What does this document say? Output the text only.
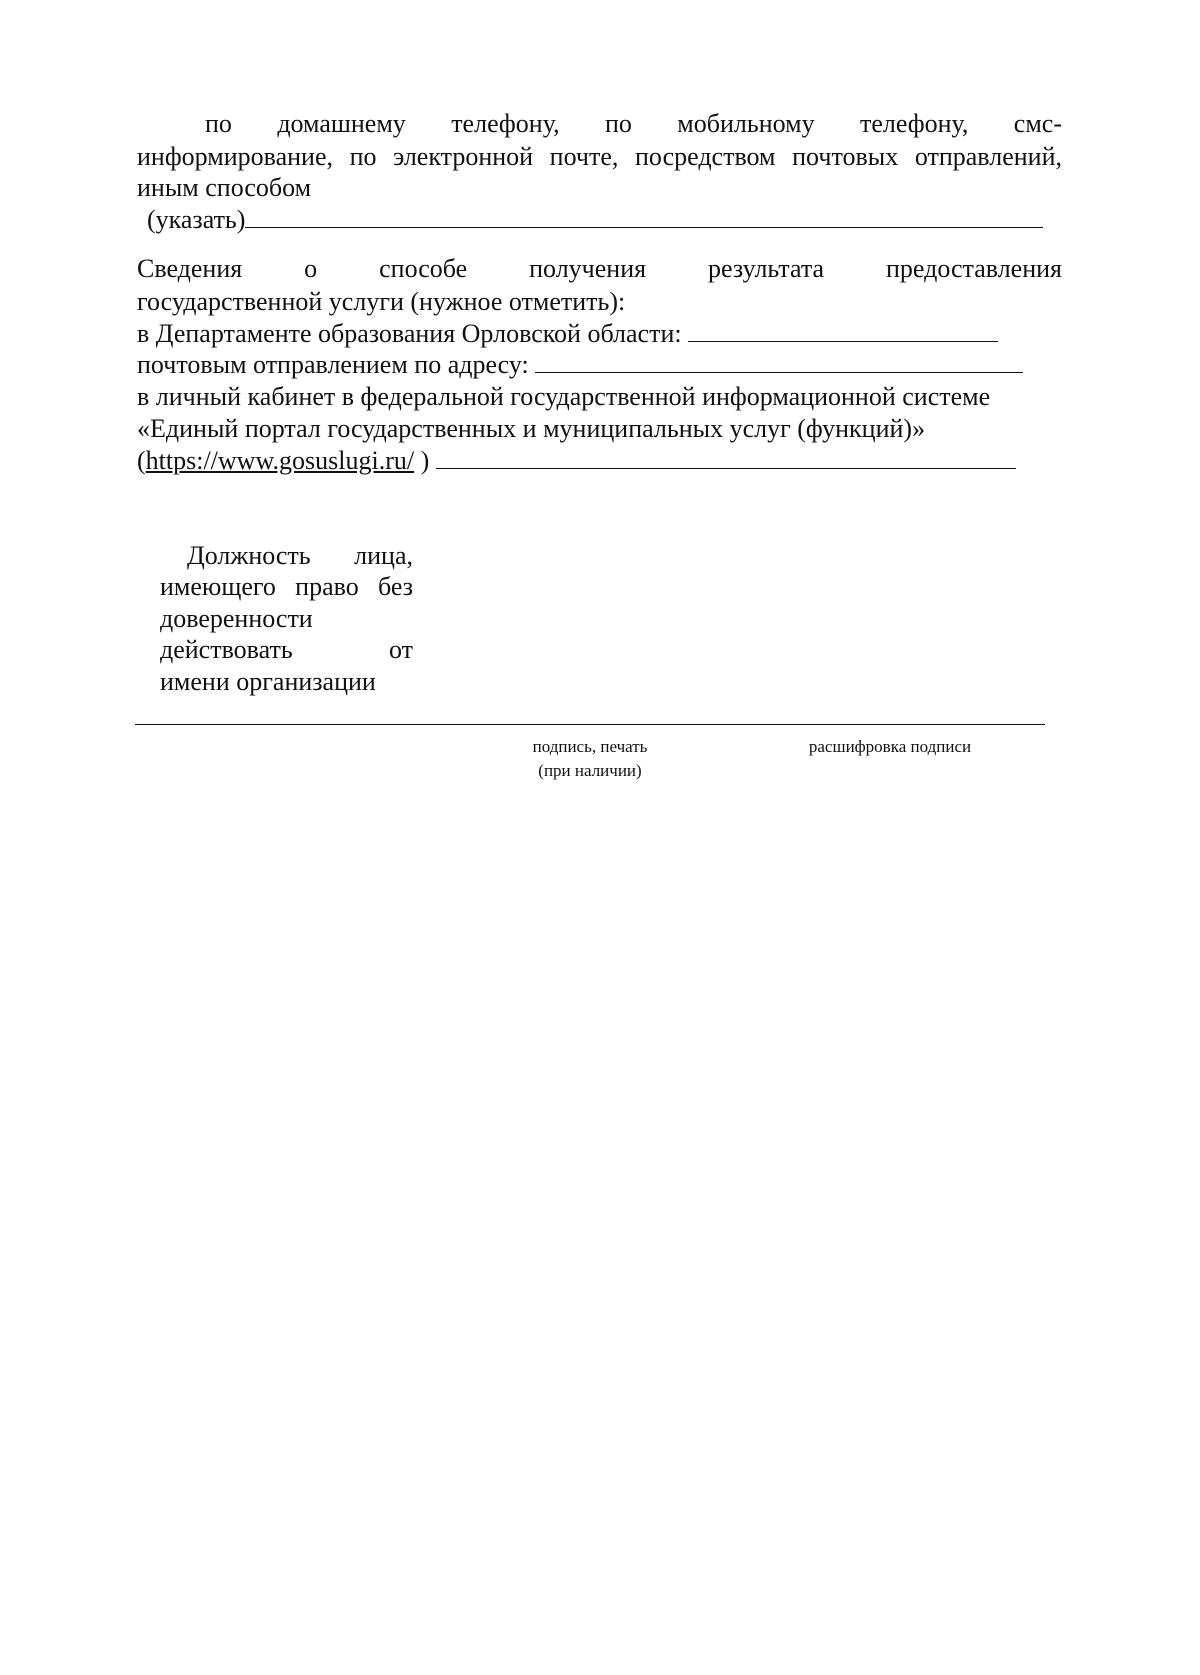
по домашнему телефону, по мобильному телефону, смс-
информирование, по электронной почте, посредством почтовых отправлений,
иным способом
(указать)
Сведения о способе получения результата предоставления
государственной услуги (нужное отметить):
в Департаменте образования Орловской области:
почтовым отправлением по адресу:
в личный кабинет в федеральной государственной информационной системе
«Единый портал государственных и муниципальных услуг (функций)»
(https://www.gosuslugi.ru/ )
Должность лица,
имеющего право без
доверенности
действовать от
имени организации
подпись, печать
(при наличии)
расшифровка подписи
